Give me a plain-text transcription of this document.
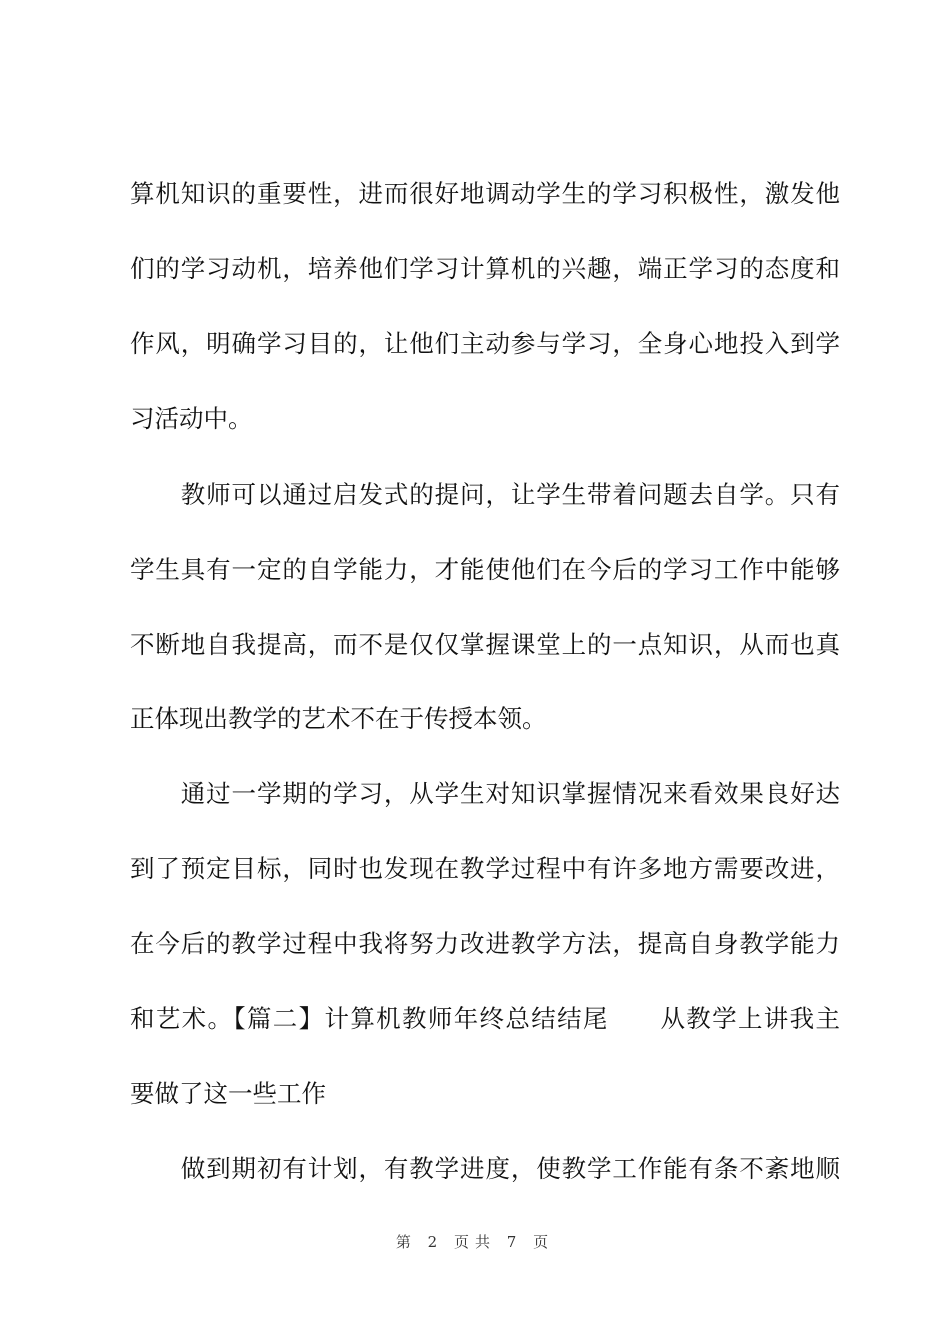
算机知识的重要性，进而很好地调动学生的学习积极性，激发他
们的学习动机，培养他们学习计算机的兴趣，端正学习的态度和
作风，明确学习目的，让他们主动参与学习，全身心地投入到学
习活动中。
　　教师可以通过启发式的提问，让学生带着问题去自学。只有
学生具有一定的自学能力，才能使他们在今后的学习工作中能够
不断地自我提高，而不是仅仅掌握课堂上的一点知识，从而也真
正体现出教学的艺术不在于传授本领。
　　通过一学期的学习，从学生对知识掌握情况来看效果良好达
到了预定目标，同时也发现在教学过程中有许多地方需要改进，
在今后的教学过程中我将努力改进教学方法，提高自身教学能力
和艺术。【篇二】计算机教师年终总结结尾　　从教学上讲我主
要做了这一些工作
　　做到期初有计划，有教学进度，使教学工作能有条不紊地顺
第 2 页共 7 页
